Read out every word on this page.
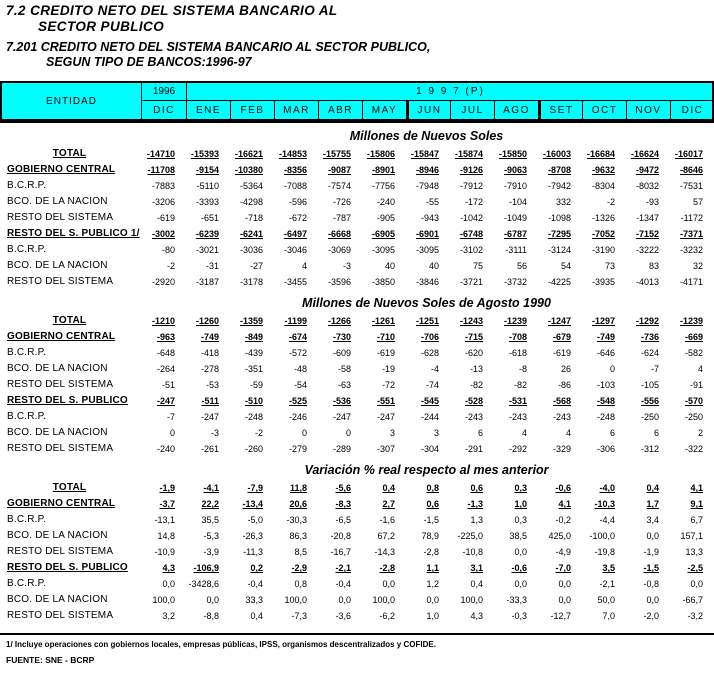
7.2 CREDITO NETO DEL SISTEMA BANCARIO AL
SECTOR PUBLICO
7.201 CREDITO NETO DEL SISTEMA BANCARIO AL SECTOR PUBLICO,
SEGUN TIPO DE BANCOS:1996-97
ENTIDAD
1996	1 9 9 7 (P)
DIC	ENE	FEB	MAR	ABR	MAY	JUN	JUL	AGO	SET	OCT	NOV	DIC
Millones de Nuevos Soles
TOTAL	-14710	-15393	-16621	-14853	-15755	-15806	-15847	-15874	-15850	-16003	-16684	-16624	-16017
GOBIERNO CENTRAL	-11708	-9154	-10380	-8356	-9087	-8901	-8946	-9126	-9063	-8708	-9632	-9472	-8646
B.C.R.P.	-7883	-5110	-5364	-7088	-7574	-7756	-7948	-7912	-7910	-7942	-8304	-8032	-7531
BCO. DE LA NACION	-3206	-3393	-4298	-596	-726	-240	-55	-172	-104	332	-2	-93	57
RESTO DEL SISTEMA	-619	-651	-718	-672	-787	-905	-943	-1042	-1049	-1098	-1326	-1347	-1172
RESTO DEL S. PUBLICO 1/	-3002	-6239	-6241	-6497	-6668	-6905	-6901	-6748	-6787	-7295	-7052	-7152	-7371
B.C.R.P.	-80	-3021	-3036	-3046	-3069	-3095	-3095	-3102	-3111	-3124	-3190	-3222	-3232
BCO. DE LA NACION	-2	-31	-27	4	-3	40	40	75	56	54	73	83	32
RESTO DEL SISTEMA	-2920	-3187	-3178	-3455	-3596	-3850	-3846	-3721	-3732	-4225	-3935	-4013	-4171
Millones de Nuevos Soles de Agosto 1990
TOTAL	-1210	-1260	-1359	-1199	-1266	-1261	-1251	-1243	-1239	-1247	-1297	-1292	-1239
GOBIERNO CENTRAL	-963	-749	-849	-674	-730	-710	-706	-715	-708	-679	-749	-736	-669
B.C.R.P.	-648	-418	-439	-572	-609	-619	-628	-620	-618	-619	-646	-624	-582
BCO. DE LA NACION	-264	-278	-351	-48	-58	-19	-4	-13	-8	26	0	-7	4
RESTO DEL SISTEMA	-51	-53	-59	-54	-63	-72	-74	-82	-82	-86	-103	-105	-91
RESTO DEL S. PUBLICO	-247	-511	-510	-525	-536	-551	-545	-528	-531	-568	-548	-556	-570
B.C.R.P.	-7	-247	-248	-246	-247	-247	-244	-243	-243	-243	-248	-250	-250
BCO. DE LA NACION	0	-3	-2	0	0	3	3	6	4	4	6	6	2
RESTO DEL SISTEMA	-240	-261	-260	-279	-289	-307	-304	-291	-292	-329	-306	-312	-322
Variación % real respecto al mes anterior
TOTAL	-1,9	-4,1	-7,9	11,8	-5,6	0,4	0,8	0,6	0,3	-0,6	-4,0	0,4	4,1
GOBIERNO CENTRAL	-3,7	22,2	-13,4	20,6	-8,3	2,7	0,6	-1,3	1,0	4,1	-10,3	1,7	9,1
B.C.R.P.	-13,1	35,5	-5,0	-30,3	-6,5	-1,6	-1,5	1,3	0,3	-0,2	-4,4	3,4	6,7
BCO. DE LA NACION	14,8	-5,3	-26,3	86,3	-20,8	67,2	78,9	-225,0	38,5	425,0	-100,0	0,0	157,1
RESTO DEL SISTEMA	-10,9	-3,9	-11,3	8,5	-16,7	-14,3	-2,8	-10,8	0,0	-4,9	-19,8	-1,9	13,3
RESTO DEL S. PUBLICO	4,3	-106,9	0,2	-2,9	-2,1	-2,8	1,1	3,1	-0,6	-7,0	3,5	-1,5	-2,5
B.C.R.P.	0,0	-3428,6	-0,4	0,8	-0,4	0,0	1,2	0,4	0,0	0,0	-2,1	-0,8	0,0
BCO. DE LA NACION	100,0	0,0	33,3	100,0	0,0	100,0	0,0	100,0	-33,3	0,0	50,0	0,0	-66,7
RESTO DEL SISTEMA	3,2	-8,8	0,4	-7,3	-3,6	-6,2	1,0	4,3	-0,3	-12,7	7,0	-2,0	-3,2
1/ Incluye operaciones con gobiernos locales, empresas públicas, IPSS, organismos descentralizados y COFIDE.
FUENTE: SNE - BCRP
